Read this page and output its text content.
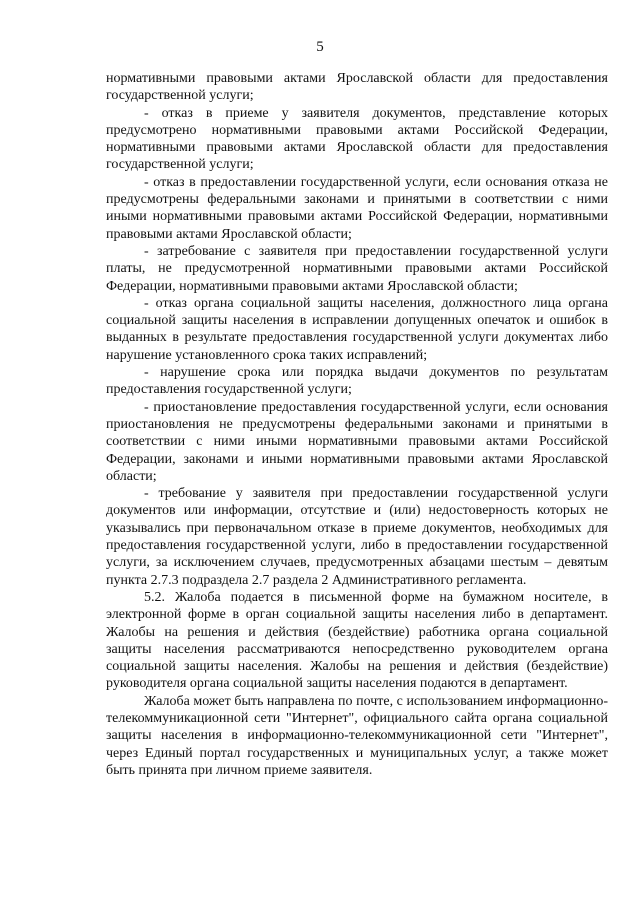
5

нормативными правовыми актами Ярославской области для предоставления государственной услуги;

- отказ в приеме у заявителя документов, представление которых предусмотрено нормативными правовыми актами Российской Федерации, нормативными правовыми актами Ярославской области для предоставления государственной услуги;

- отказ в предоставлении государственной услуги, если основания отказа не предусмотрены федеральными законами и принятыми в соответствии с ними иными нормативными правовыми актами Российской Федерации, нормативными правовыми актами Ярославской области;

- затребование с заявителя при предоставлении государственной услуги платы, не предусмотренной нормативными правовыми актами Российской Федерации, нормативными правовыми актами Ярославской области;

- отказ органа социальной защиты населения, должностного лица органа социальной защиты населения в исправлении допущенных опечаток и ошибок в выданных в результате предоставления государственной услуги документах либо нарушение установленного срока таких исправлений;

- нарушение срока или порядка выдачи документов по результатам предоставления государственной услуги;

- приостановление предоставления государственной услуги, если основания приостановления не предусмотрены федеральными законами и принятыми в соответствии с ними иными нормативными правовыми актами Российской Федерации, законами и иными нормативными правовыми актами Ярославской области;

- требование у заявителя при предоставлении государственной услуги документов или информации, отсутствие и (или) недостоверность которых не указывались при первоначальном отказе в приеме документов, необходимых для предоставления государственной услуги, либо в предоставлении государственной услуги, за исключением случаев, предусмотренных абзацами шестым – девятым пункта 2.7.3 подраздела 2.7 раздела 2 Административного регламента.

5.2. Жалоба подается в письменной форме на бумажном носителе, в электронной форме в орган социальной защиты населения либо в департамент. Жалобы на решения и действия (бездействие) работника органа социальной защиты населения рассматриваются непосредственно руководителем органа социальной защиты населения. Жалобы на решения и действия (бездействие) руководителя органа социальной защиты населения подаются в департамент.

Жалоба может быть направлена по почте, с использованием информационно-телекоммуникационной сети "Интернет", официального сайта органа социальной защиты населения в информационно-телекоммуникационной сети "Интернет", через Единый портал государственных и муниципальных услуг, а также может быть принята при личном приеме заявителя.
